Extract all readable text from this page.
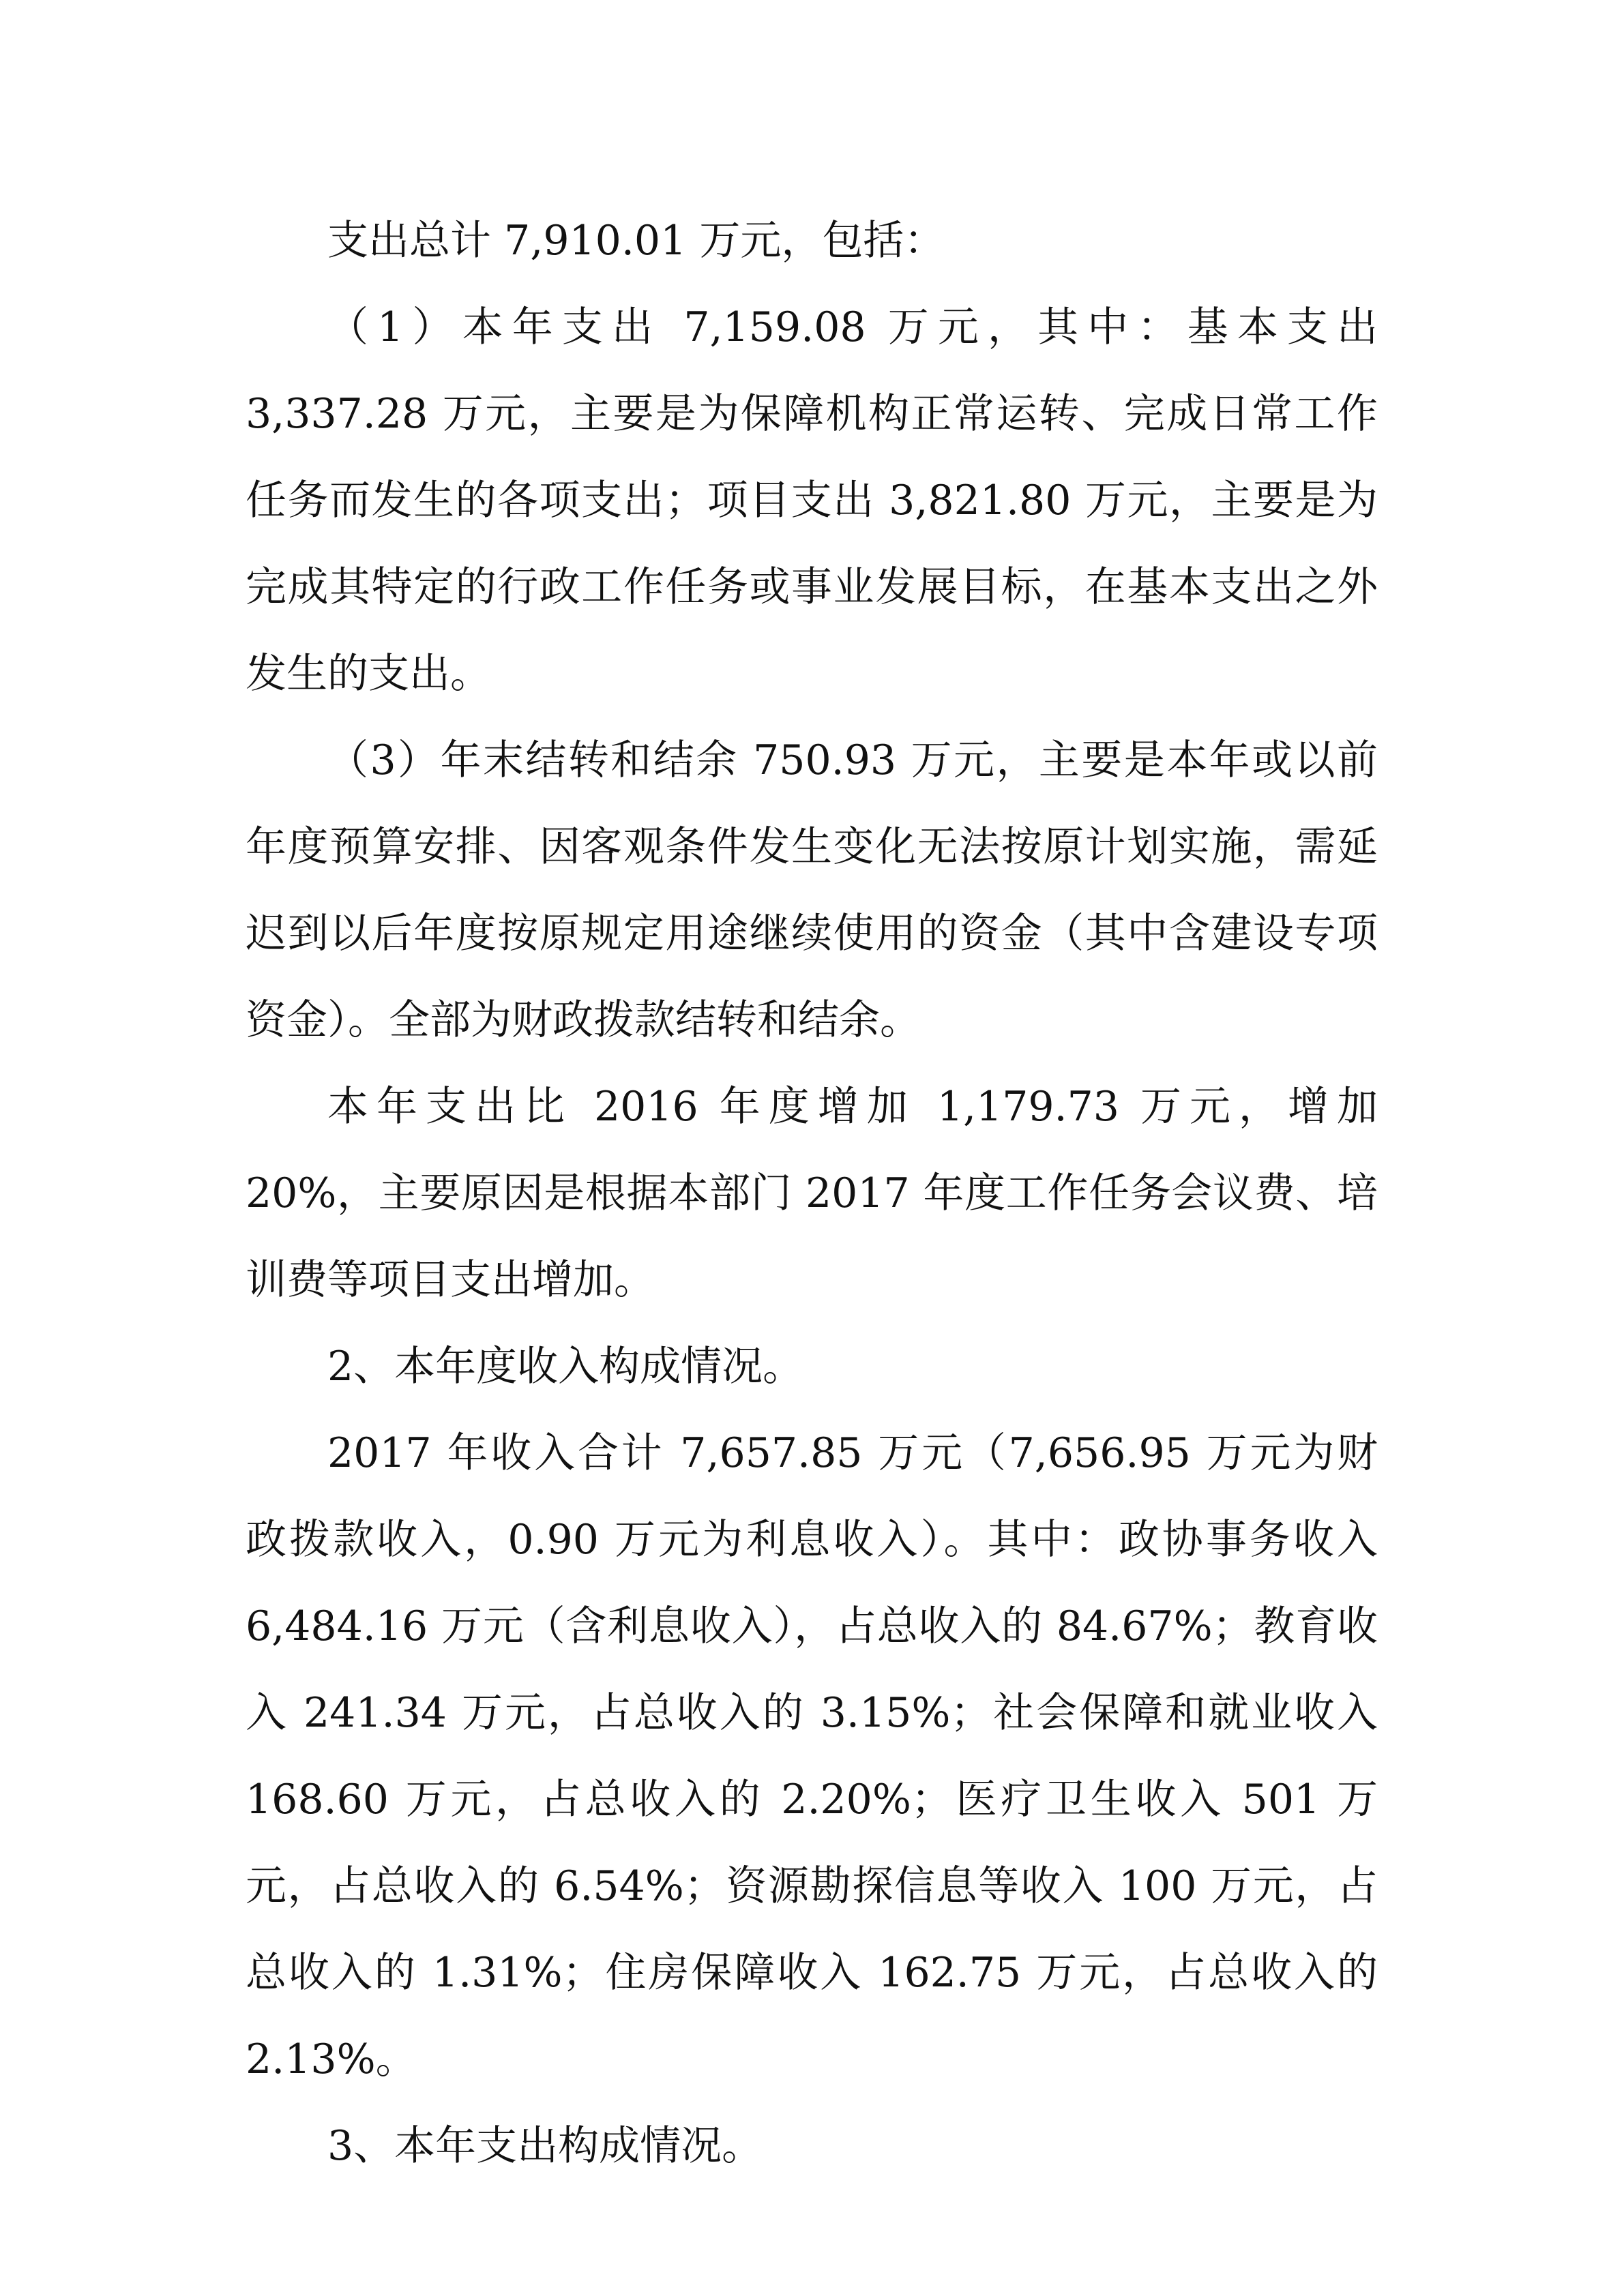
支出总计 7,910.01 万元，包括：

（1）本年支出 7,159.08 万元，其中：基本支出 3,337.28 万元，主要是为保障机构正常运转、完成日常工作任务而发生的各项支出；项目支出 3,821.80 万元，主要是为完成其特定的行政工作任务或事业发展目标，在基本支出之外发生的支出。

（3）年末结转和结余 750.93 万元，主要是本年或以前年度预算安排、因客观条件发生变化无法按原计划实施，需延迟到以后年度按原规定用途继续使用的资金（其中含建设专项资金）。全部为财政拨款结转和结余。

本年支出比 2016 年度增加 1,179.73 万元，增加 20%，主要原因是根据本部门 2017 年度工作任务会议费、培训费等项目支出增加。

2、本年度收入构成情况。

2017 年收入合计 7,657.85 万元（7,656.95 万元为财政拨款收入，0.90 万元为利息收入）。其中：政协事务收入 6,484.16 万元（含利息收入），占总收入的 84.67%；教育收入 241.34 万元，占总收入的 3.15%；社会保障和就业收入 168.60 万元，占总收入的 2.20%；医疗卫生收入 501 万元，占总收入的 6.54%；资源勘探信息等收入 100 万元，占总收入的 1.31%；住房保障收入 162.75 万元，占总收入的 2.13%。

3、本年支出构成情况。
